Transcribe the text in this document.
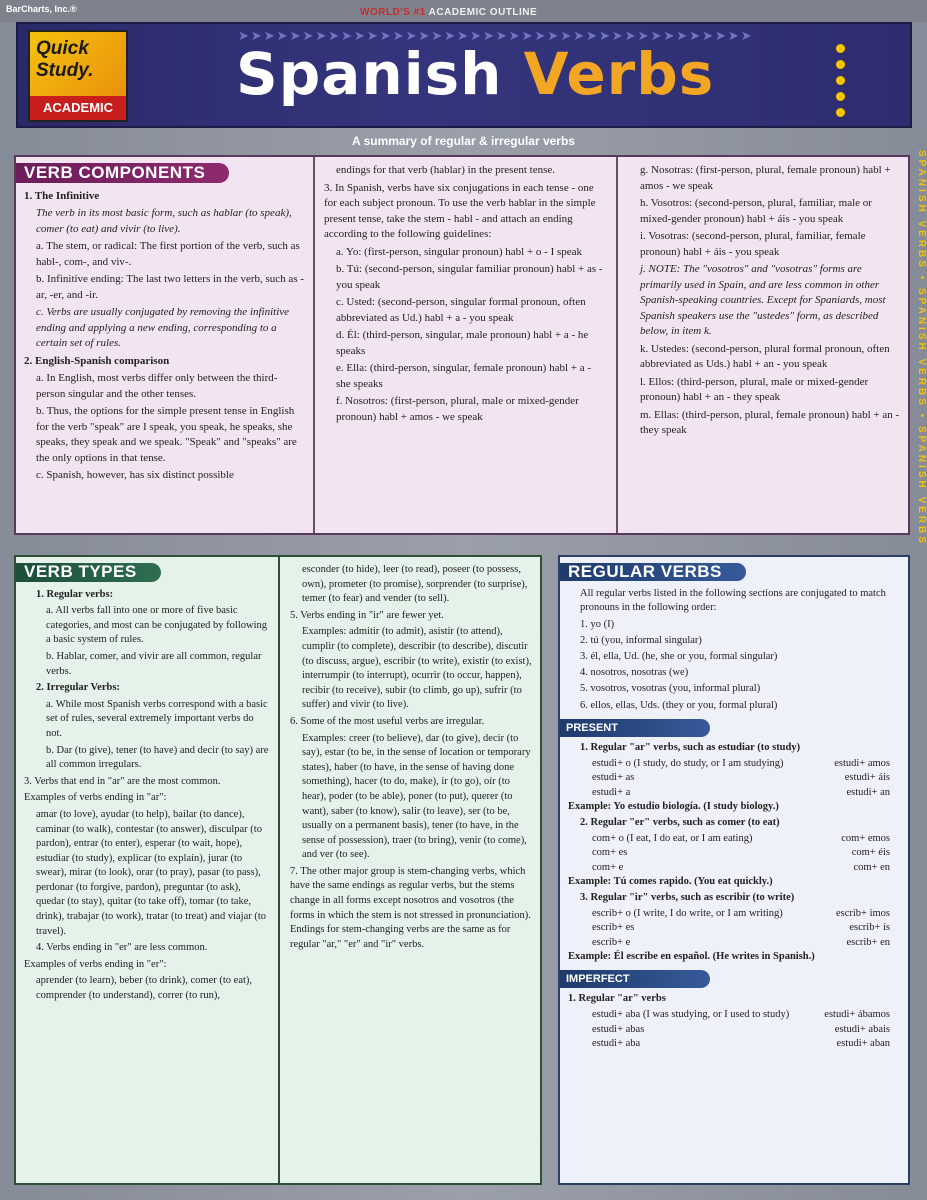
BarCharts, Inc.®	WORLD'S #1 ACADEMIC OUTLINE
➤➤➤➤➤➤➤➤➤➤➤➤➤➤➤➤➤➤➤➤➤➤➤➤➤➤➤➤➤➤➤➤➤➤➤➤➤➤➤➤
Quick
Study.
ACADEMIC Spanish Verbs
A summary of regular & irregular verbs
SPANISH VERBS • SPANISH VERBS • SPANISH VERBS
VERB COMPONENTS

1. The Infinitive

The verb in its most basic form, such as hablar (to speak), comer (to eat) and vivir (to live).

a. The stem, or radical: The first portion of the verb, such as habl-, com-, and viv-.

b. Infinitive ending: The last two letters in the verb, such as -ar, -er, and -ir.

c. Verbs are usually conjugated by removing the infinitive ending and applying a new ending, corresponding to a certain set of rules.

2. English-Spanish comparison

a. In English, most verbs differ only between the third-person singular and the other tenses.

b. Thus, the options for the simple present tense in English for the verb "speak" are I speak, you speak, he speaks, she speaks, they speak and we speak. "Speak" and "speaks" are the only options in that tense.

c. Spanish, however, has six distinct possible

endings for that verb (hablar) in the present tense.

3. In Spanish, verbs have six conjugations in each tense - one for each subject pronoun. To use the verb hablar in the simple present tense, take the stem - habl - and attach an ending according to the following guidelines:

a. Yo: (first-person, singular pronoun) habl + o - I speak

b. Tú: (second-person, singular familiar pronoun) habl + as - you speak

c. Usted: (second-person, singular formal pronoun, often abbreviated as Ud.) habl + a - you speak

d. Él: (third-person, singular, male pronoun) habl + a - he speaks

e. Ella: (third-person, singular, female pronoun) habl + a - she speaks

f. Nosotros: (first-person, plural, male or mixed-gender pronoun) habl + amos - we speak

g. Nosotras: (first-person, plural, female pronoun) habl + amos - we speak

h. Vosotros: (second-person, plural, familiar, male or mixed-gender pronoun) habl + áis - you speak

i. Vosotras: (second-person, plural, familiar, female pronoun) habl + áis - you speak

j. NOTE: The "vosotros" and "vosotras" forms are primarily used in Spain, and are less common in other Spanish-speaking countries. Except for Spaniards, most Spanish speakers use the "ustedes" form, as described below, in item k.

k. Ustedes: (second-person, plural formal pronoun, often abbreviated as Uds.) habl + an - you speak

l. Ellos: (third-person, plural, male or mixed-gender pronoun) habl + an - they speak

m. Ellas: (third-person, plural, female pronoun) habl + an - they speak

VERB TYPES

1. Regular verbs:

a. All verbs fall into one or more of five basic categories, and most can be conjugated by following a basic system of rules.

b. Hablar, comer, and vivir are all common, regular verbs.

2. Irregular Verbs:

a. While most Spanish verbs correspond with a basic set of rules, several extremely important verbs do not.

b. Dar (to give), tener (to have) and decir (to say) are all common irregulars.

3. Verbs that end in "ar" are the most common.

Examples of verbs ending in "ar":

amar (to love), ayudar (to help), bailar (to dance), caminar (to walk), contestar (to answer), disculpar (to pardon), entrar (to enter), esperar (to wait, hope), estudiar (to study), explicar (to explain), jurar (to swear), mirar (to look), orar (to pray), pasar (to pass), perdonar (to forgive, pardon), preguntar (to ask), quedar (to stay), quitar (to take off), tomar (to take, drink), trabajar (to work), tratar (to treat) and viajar (to travel).

4. Verbs ending in "er" are less common.

Examples of verbs ending in "er":

aprender (to learn), beber (to drink), comer (to eat), comprender (to understand), correr (to run),

esconder (to hide), leer (to read), poseer (to possess, own), prometer (to promise), sorprender (to surprise), temer (to fear) and vender (to sell).

5. Verbs ending in "ir" are fewer yet.

Examples: admitir (to admit), asistir (to attend), cumplir (to complete), describir (to describe), discutir (to discuss, argue), escribir (to write), existir (to exist), interrumpir (to interrupt), ocurrir (to occur, happen), recibir (to receive), subir (to climb, go up), sufrir (to suffer) and vivir (to live).

6. Some of the most useful verbs are irregular.

Examples: creer (to believe), dar (to give), decir (to say), estar (to be, in the sense of location or temporary states), haber (to have, in the sense of having done something), hacer (to do, make), ir (to go), oír (to hear), poder (to be able), poner (to put), querer (to want), saber (to know), salir (to leave), ser (to be, usually on a permanent basis), tener (to have, in the sense of possession), traer (to bring), venir (to come), and ver (to see).

7. The other major group is stem-changing verbs, which have the same endings as regular verbs, but the stems change in all forms except nosotros and vosotros (the forms in which the stem is not stressed in pronunciation). Endings for stem-changing verbs are the same as for regular "ar," "er" and "ir" verbs.

REGULAR VERBS

All regular verbs listed in the following sections are conjugated to match pronouns in the following order:

1. yo (I)

2. tú (you, informal singular)

3. él, ella, Ud. (he, she or you, formal singular)

4. nosotros, nosotras (we)

5. vosotros, vosotras (you, informal plural)

6. ellos, ellas, Uds. (they or you, formal plural)

PRESENT

1. Regular "ar" verbs, such as estudiar (to study)

estudi+ o (I study, do study, or I am studying)	estudi+ amos
estudi+ as	estudi+ áis
estudi+ a	estudi+ an

Example: Yo estudio biología. (I study biology.)

2. Regular "er" verbs, such as comer (to eat)

com+ o (I eat, I do eat, or I am eating)	com+ emos
com+ es	com+ éis
com+ e	com+ en

Example: Tú comes rapido. (You eat quickly.)

3. Regular "ir" verbs, such as escribir (to write)

escrib+ o (I write, I do write, or I am writing)	escrib+ imos
escrib+ es	escrib+ ís
escrib+ e	escrib+ en

Example: Él escribe en español. (He writes in Spanish.)

IMPERFECT

1. Regular "ar" verbs

estudi+ aba (I was studying, or I used to study)	estudi+ ábamos
estudi+ abas	estudi+ abais
estudi+ aba	estudi+ aban
